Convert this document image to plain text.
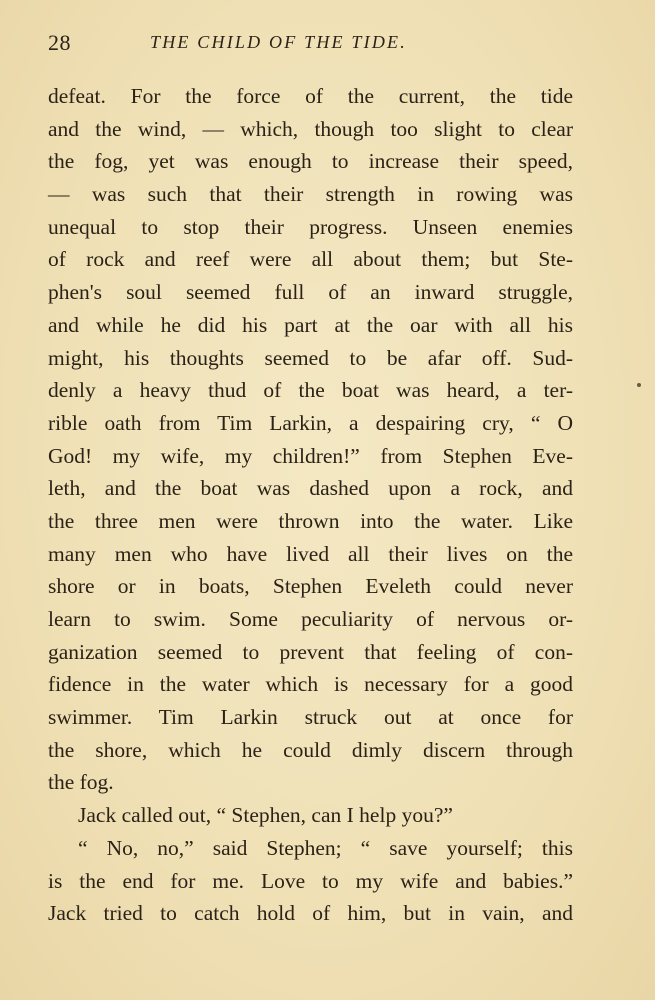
28	THE CHILD OF THE TIDE.
defeat. For the force of the current, the tide
and the wind, — which, though too slight to clear
the fog, yet was enough to increase their speed,
— was such that their strength in rowing was
unequal to stop their progress. Unseen enemies
of rock and reef were all about them; but Ste-
phen's soul seemed full of an inward struggle,
and while he did his part at the oar with all his
might, his thoughts seemed to be afar off. Sud-
denly a heavy thud of the boat was heard, a ter-
rible oath from Tim Larkin, a despairing cry, “ O
God! my wife, my children!” from Stephen Eve-
leth, and the boat was dashed upon a rock, and
the three men were thrown into the water. Like
many men who have lived all their lives on the
shore or in boats, Stephen Eveleth could never
learn to swim. Some peculiarity of nervous or-
ganization seemed to prevent that feeling of con-
fidence in the water which is necessary for a good
swimmer. Tim Larkin struck out at once for
the shore, which he could dimly discern through
the fog.
Jack called out, “ Stephen, can I help you?”
“ No, no,” said Stephen; “ save yourself; this
is the end for me. Love to my wife and babies.”
Jack tried to catch hold of him, but in vain, and
